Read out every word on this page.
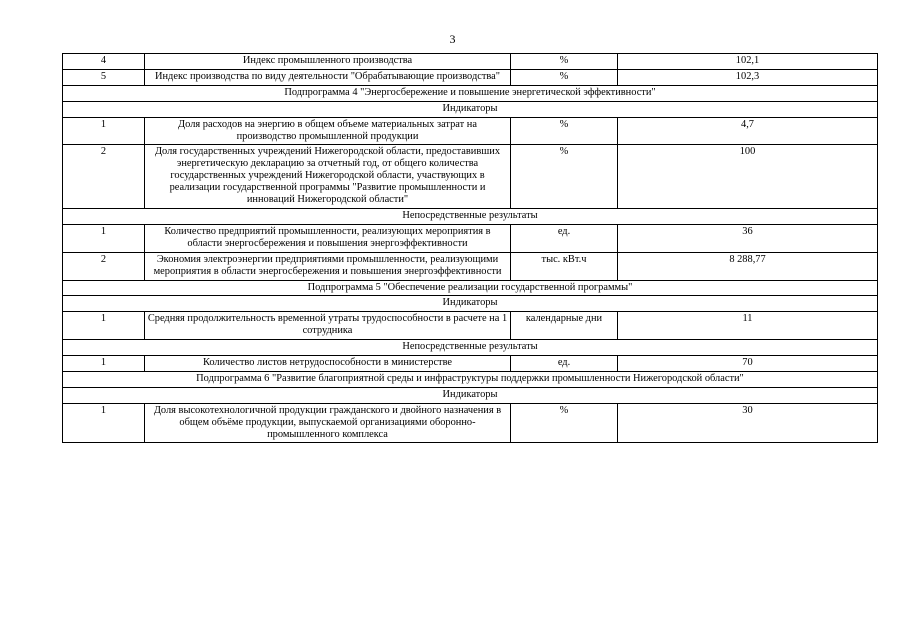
3
4	Индекс промышленного производства	%	102,1
5	Индекс производства по виду деятельности "Обрабатывающие производства"	%	102,3
Подпрограмма 4 "Энергосбережение и повышение энергетической эффективности"			
Индикаторы			
1	Доля расходов на энергию в общем объеме материальных затрат на производство промышленной продукции	%	4,7
2	Доля государственных учреждений Нижегородской области, предоставивших энергетическую декларацию за отчетный год, от общего количества государственных учреждений Нижегородской области, участвующих в реализации государственной программы "Развитие промышленности и инноваций Нижегородской области"	%	100
Непосредственные результаты			
1	Количество предприятий промышленности, реализующих мероприятия в области энергосбережения и повышения энергоэффективности	ед.	36
2	Экономия электроэнергии предприятиями промышленности, реализующими мероприятия в области энергосбережения и повышения энергоэффективности	тыс. кВт.ч	8 288,77
Подпрограмма 5 "Обеспечение реализации государственной программы"			
Индикаторы			
1	Средняя продолжительность временной утраты трудоспособности в расчете на 1 сотрудника	календарные дни	11
Непосредственные результаты			
1	Количество листов нетрудоспособности в министерстве	ед.	70
Подпрограмма 6 "Развитие благоприятной среды и инфраструктуры поддержки промышленности Нижегородской области"			
Индикаторы			
1	Доля высокотехнологичной продукции гражданского и двойного назначения в общем объёме продукции, выпускаемой организациями оборонно-промышленного комплекса	%	30
